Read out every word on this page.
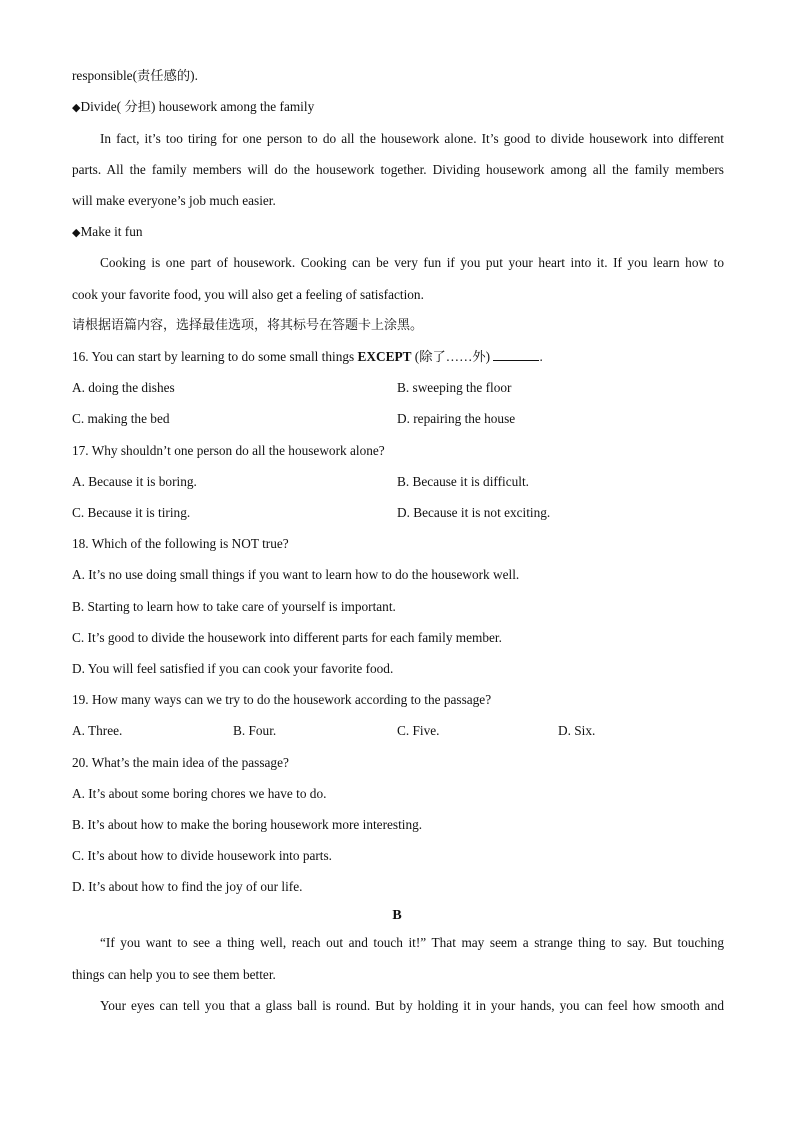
responsible(责任感的).
◆Divide( 分担) housework among the family
In fact, it’s too tiring for one person to do all the housework alone. It’s good to divide housework into different
parts. All the family members will do the housework together. Dividing housework among all the family members
will make everyone’s job much easier.
◆Make it fun
Cooking is one part of housework. Cooking can be very fun if you put your heart into it. If you learn how to
cook your favorite food, you will also get a feeling of satisfaction.
请根据语篇内容，选择最佳选项，将其标号在答题卡上涂黑。
16. You can start by learning to do some small things EXCEPT (除了……外)	.
A. doing the dishes	B. sweeping the floor
C. making the bed	D. repairing the house
17. Why shouldn’t one person do all the housework alone?
A. Because it is boring.	B. Because it is difficult.
C. Because it is tiring.	D. Because it is not exciting.
18. Which of the following is NOT true?
A. It’s no use doing small things if you want to learn how to do the housework well.
B. Starting to learn how to take care of yourself is important.
C. It’s good to divide the housework into different parts for each family member.
D. You will feel satisfied if you can cook your favorite food.
19. How many ways can we try to do the housework according to the passage?
A. Three.	B. Four.	C. Five.	D. Six.
20. What’s the main idea of the passage?
A. It’s about some boring chores we have to do.
B. It’s about how to make the boring housework more interesting.
C. It’s about how to divide housework into parts.
D. It’s about how to find the joy of our life.
B
“If you want to see a thing well, reach out and touch it!” That may seem a strange thing to say. But touching
things can help you to see them better.
Your eyes can tell you that a glass ball is round. But by holding it in your hands, you can feel how smooth and
